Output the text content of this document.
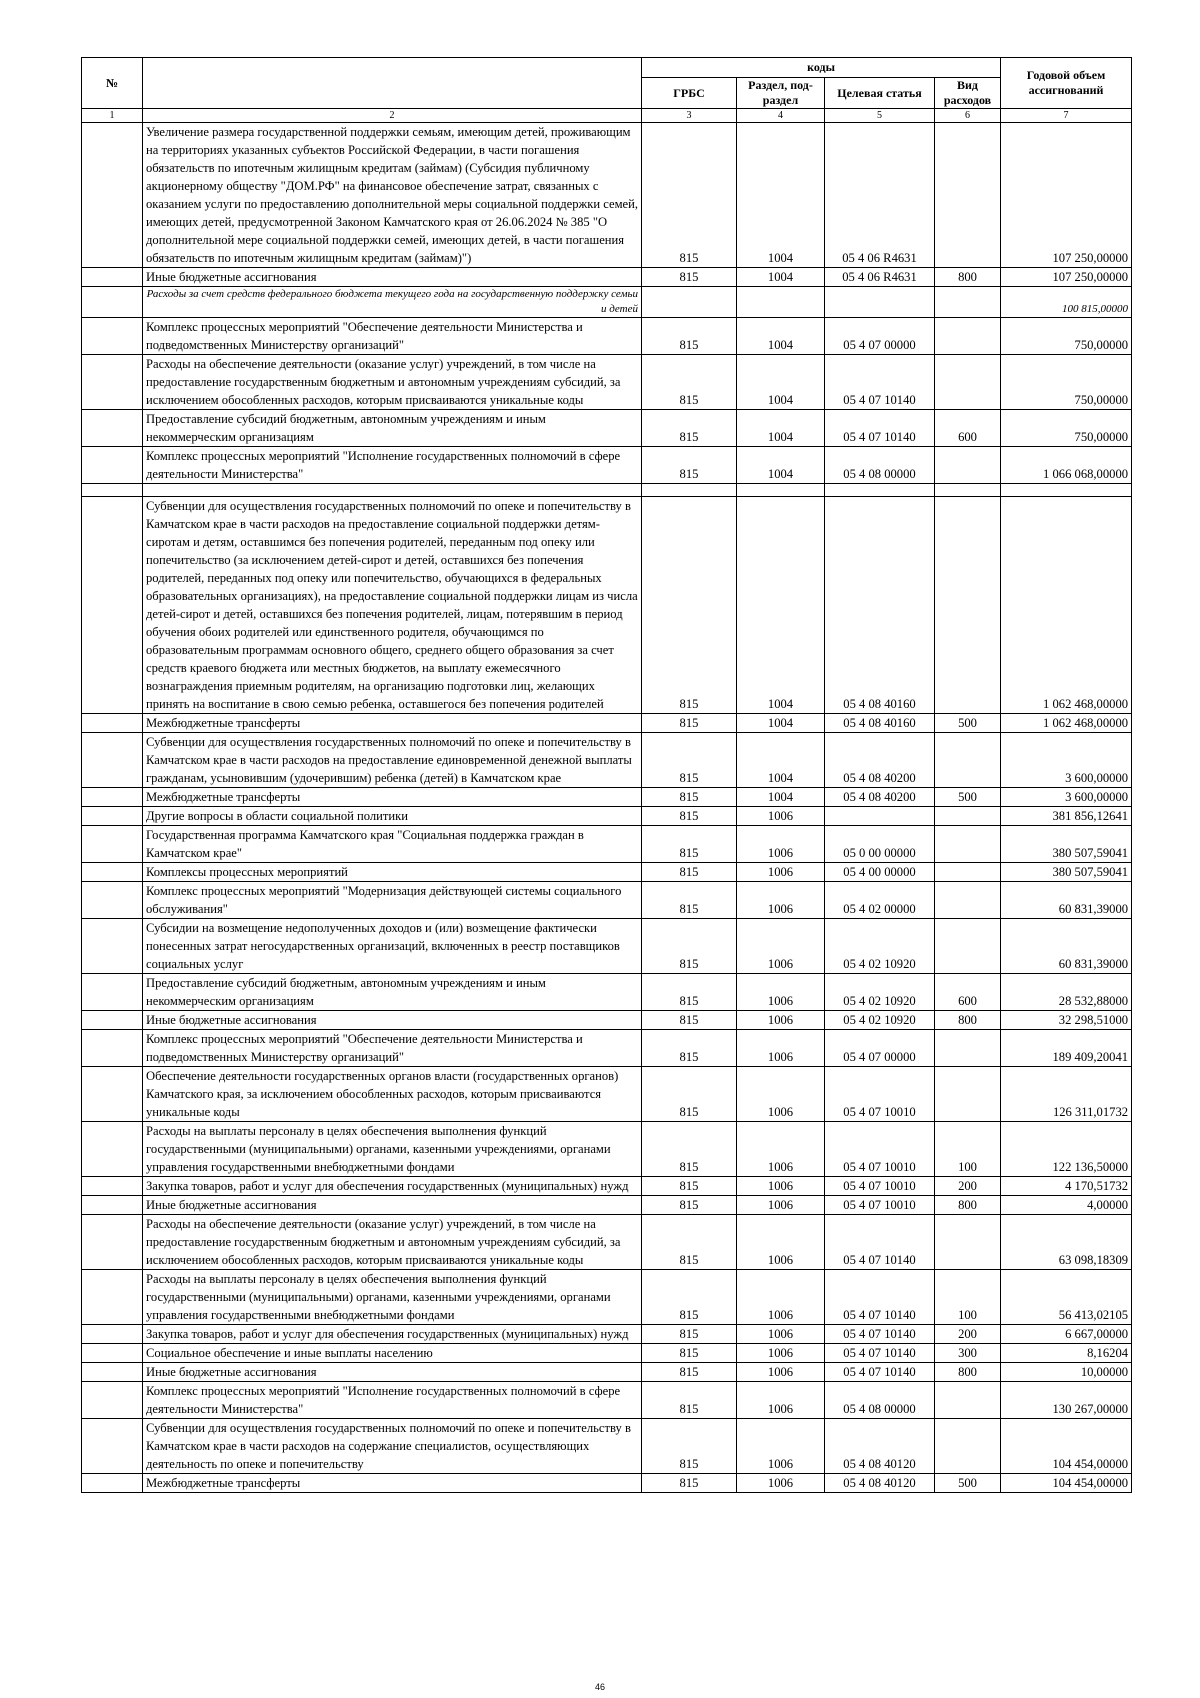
№		коды				Годовой объем ассигнований
		ГРБС	Раздел, под-раздел	Целевая статья	Вид расходов	
1	2	3	4	5	6	7
	Увеличение размера государственной поддержки семьям, имеющим детей, проживающим на территориях указанных субъектов Российской Федерации, в части погашения обязательств по ипотечным жилищным кредитам (займам) (Субсидия публичному акционерному обществу "ДОМ.РФ" на финансовое обеспечение затрат, связанных с оказанием услуги по предоставлению дополнительной меры социальной поддержки семей, имеющих детей, предусмотренной Законом Камчатского края от 26.06.2024 № 385 "О дополнительной мере социальной поддержки семей, имеющих детей, в части погашения обязательств по ипотечным жилищным кредитам (займам)")	815	1004	05 4 06 R4631		107 250,00000
	Иные бюджетные ассигнования	815	1004	05 4 06 R4631	800	107 250,00000
	Расходы за счет средств федерального бюджета текущего года на государственную поддержку семьи и детей					100 815,00000
	Комплекс процессных мероприятий "Обеспечение деятельности Министерства и подведомственных Министерству организаций"	815	1004	05 4 07 00000		750,00000
	Расходы на обеспечение деятельности (оказание услуг) учреждений, в том числе на предоставление государственным бюджетным и автономным учреждениям субсидий, за исключением обособленных расходов, которым присваиваются уникальные коды	815	1004	05 4 07 10140		750,00000
	Предоставление субсидий бюджетным, автономным учреждениям и иным некоммерческим организациям	815	1004	05 4 07 10140	600	750,00000
	Комплекс процессных мероприятий "Исполнение государственных полномочий в сфере деятельности Министерства"	815	1004	05 4 08 00000		1 066 068,00000

	Субвенции для осуществления государственных полномочий по опеке и попечительству в Камчатском крае в части расходов на предоставление социальной поддержки детям-сиротам и детям, оставшимся без попечения родителей, переданным под опеку или попечительство (за исключением детей-сирот и детей, оставшихся без попечения родителей, переданных под опеку или попечительство, обучающихся в федеральных образовательных организациях), на предоставление социальной поддержки лицам из числа детей-сирот и детей, оставшихся без попечения родителей, лицам, потерявшим в период обучения обоих родителей или единственного родителя, обучающимся по образовательным программам основного общего, среднего общего образования за счет средств краевого бюджета или местных бюджетов, на выплату ежемесячного вознаграждения приемным родителям, на организацию подготовки лиц, желающих принять на воспитание в свою семью ребенка, оставшегося без попечения родителей	815	1004	05 4 08 40160		1 062 468,00000
	Межбюджетные трансферты	815	1004	05 4 08 40160	500	1 062 468,00000
	Субвенции для осуществления государственных полномочий по опеке и попечительству в Камчатском крае в части расходов на предоставление единовременной денежной выплаты гражданам, усыновившим (удочерившим) ребенка (детей) в Камчатском крае	815	1004	05 4 08 40200		3 600,00000
	Межбюджетные трансферты	815	1004	05 4 08 40200	500	3 600,00000
	Другие вопросы в области социальной политики	815	1006			381 856,12641
	Государственная программа Камчатского края "Социальная поддержка граждан в Камчатском крае"	815	1006	05 0 00 00000		380 507,59041
	Комплексы процессных мероприятий	815	1006	05 4 00 00000		380 507,59041
	Комплекс процессных мероприятий "Модернизация действующей системы социального обслуживания"	815	1006	05 4 02 00000		60 831,39000
	Субсидии на возмещение недополученных доходов и (или) возмещение фактически понесенных затрат негосударственных организаций, включенных в реестр поставщиков социальных услуг	815	1006	05 4 02 10920		60 831,39000
	Предоставление субсидий бюджетным, автономным учреждениям и иным некоммерческим организациям	815	1006	05 4 02 10920	600	28 532,88000
	Иные бюджетные ассигнования	815	1006	05 4 02 10920	800	32 298,51000
	Комплекс процессных мероприятий "Обеспечение деятельности Министерства и подведомственных Министерству организаций"	815	1006	05 4 07 00000		189 409,20041
	Обеспечение деятельности государственных органов власти (государственных органов) Камчатского края, за исключением обособленных расходов, которым присваиваются уникальные коды	815	1006	05 4 07 10010		126 311,01732
	Расходы на выплаты персоналу в целях обеспечения выполнения функций государственными (муниципальными) органами, казенными учреждениями, органами управления государственными внебюджетными фондами	815	1006	05 4 07 10010	100	122 136,50000
	Закупка товаров, работ и услуг для обеспечения государственных (муниципальных) нужд	815	1006	05 4 07 10010	200	4 170,51732
	Иные бюджетные ассигнования	815	1006	05 4 07 10010	800	4,00000
	Расходы на обеспечение деятельности (оказание услуг) учреждений, в том числе на предоставление государственным бюджетным и автономным учреждениям субсидий, за исключением обособленных расходов, которым присваиваются уникальные коды	815	1006	05 4 07 10140		63 098,18309
	Расходы на выплаты персоналу в целях обеспечения выполнения функций государственными (муниципальными) органами, казенными учреждениями, органами управления государственными внебюджетными фондами	815	1006	05 4 07 10140	100	56 413,02105
	Закупка товаров, работ и услуг для обеспечения государственных (муниципальных) нужд	815	1006	05 4 07 10140	200	6 667,00000
	Социальное обеспечение и иные выплаты населению	815	1006	05 4 07 10140	300	8,16204
	Иные бюджетные ассигнования	815	1006	05 4 07 10140	800	10,00000
	Комплекс процессных мероприятий "Исполнение государственных полномочий в сфере деятельности Министерства"	815	1006	05 4 08 00000		130 267,00000
	Субвенции для осуществления государственных полномочий по опеке и попечительству в Камчатском крае в части расходов на содержание специалистов, осуществляющих деятельность по опеке и попечительству	815	1006	05 4 08 40120		104 454,00000
	Межбюджетные трансферты	815	1006	05 4 08 40120	500	104 454,00000
46
